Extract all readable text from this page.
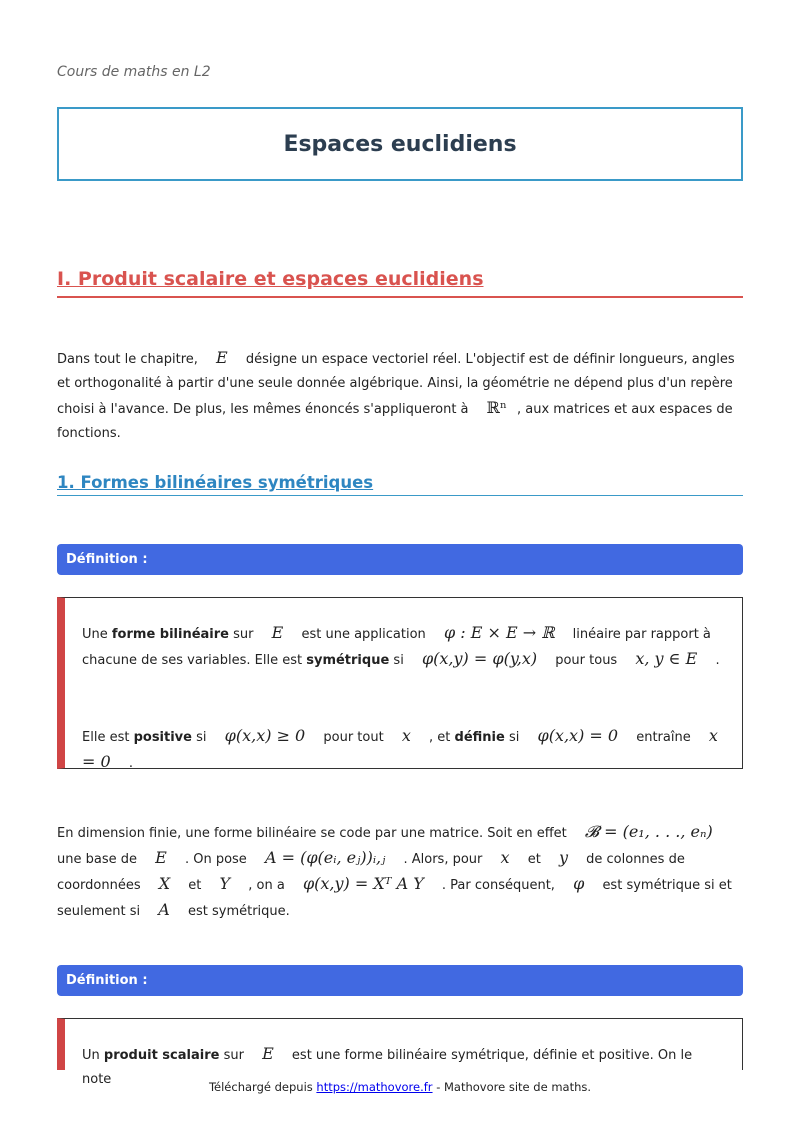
Cours de maths en L2
Espaces euclidiens
I. Produit scalaire et espaces euclidiens
Dans tout le chapitre, E désigne un espace vectoriel réel. L'objectif est de définir longueurs, angles et orthogonalité à partir d'une seule donnée algébrique. Ainsi, la géométrie ne dépend plus d'un repère choisi à l'avance. De plus, les mêmes énoncés s'appliqueront à ℝⁿ , aux matrices et aux espaces de fonctions.
1. Formes bilinéaires symétriques
Définition :
Une forme bilinéaire sur E est une application φ : E × E → ℝ linéaire par rapport à chacune de ses variables. Elle est symétrique si φ(x,y) = φ(y,x) pour tous x, y ∈ E .
Elle est positive si φ(x,x) ≥ 0 pour tout x , et définie si φ(x,x) = 0 entraîne x = 0 .
En dimension finie, une forme bilinéaire se code par une matrice. Soit en effet 𝓑 = (e₁, . . ., eₙ) une base de E . On pose A = (φ(eᵢ, eⱼ))ᵢ,ⱼ . Alors, pour x et y de colonnes de coordonnées X et Y , on a φ(x,y) = Xᵀ A Y . Par conséquent, φ est symétrique si et seulement si A est symétrique.
Définition :
Un produit scalaire sur E est une forme bilinéaire symétrique, définie et positive. On le note	Téléchargé depuis https://mathovore.fr - Mathovore site de maths.
